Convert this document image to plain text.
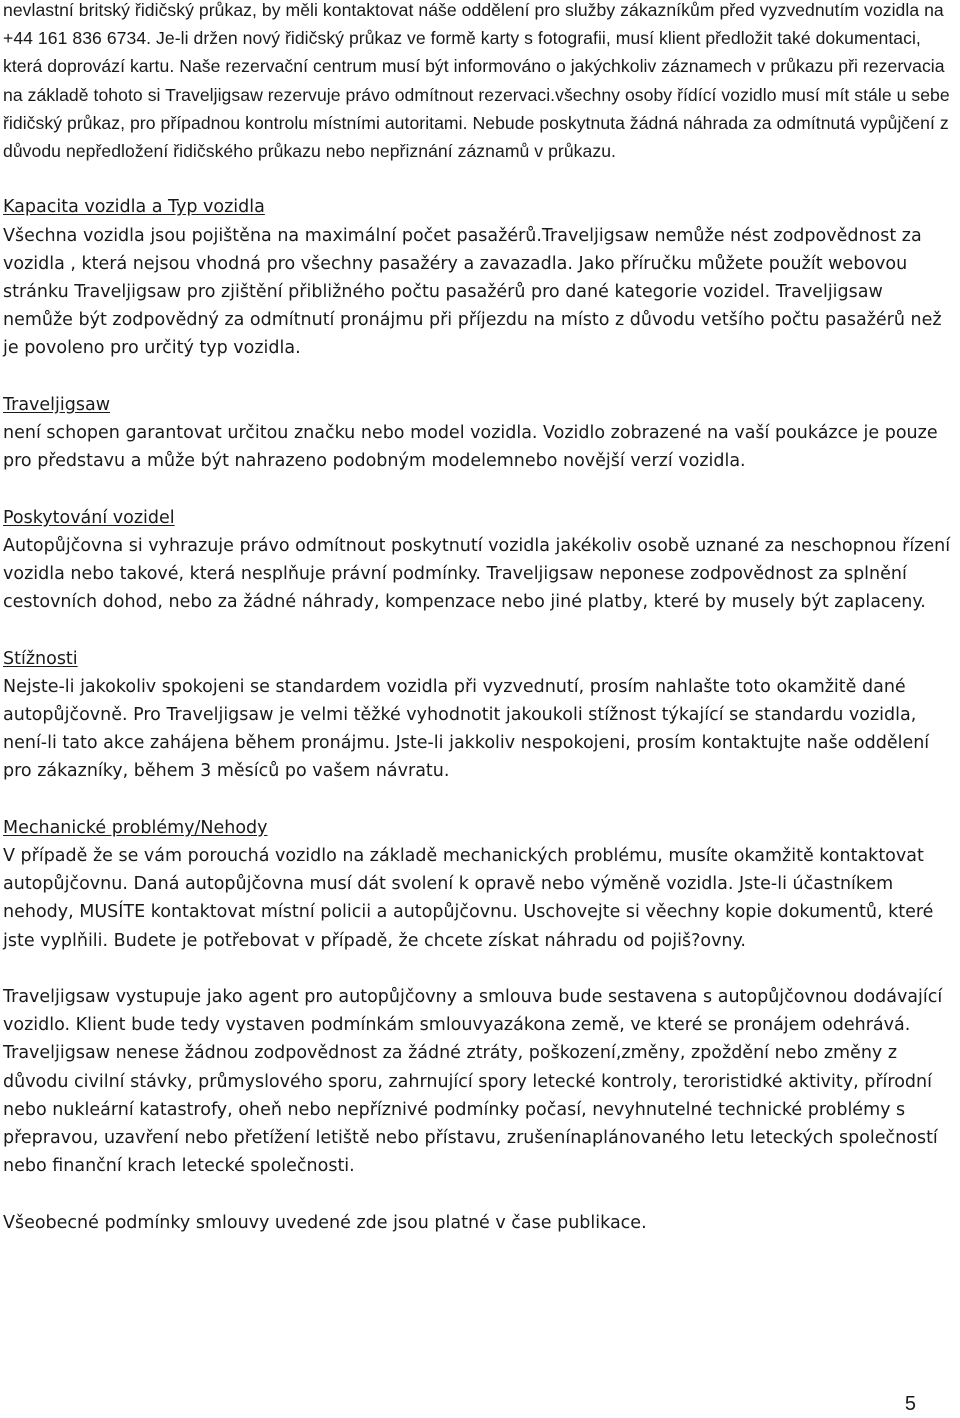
nevlastní britský řidičský průkaz, by měli kontaktovat náše oddělení pro služby zákazníkům před vyzvednutím vozidla na +44 161 836 6734. Je-li držen nový řidičský průkaz ve formě karty s fotografii, musí klient předložit také dokumentaci, která doprovází kartu. Naše rezervační centrum musí být informováno o jakýchkoliv záznamech v průkazu při rezervacia na základě tohoto si Traveljigsaw rezervuje právo odmítnout rezervaci.všechny osoby řídící vozidlo musí mít stále u sebe řidičský průkaz, pro případnou kontrolu místními autoritami. Nebude poskytnuta žádná náhrada za odmítnutá vypůjčení z důvodu nepředložení řidičského průkazu nebo nepřiznání záznamů v průkazu.

Kapacita vozidla a Typ vozidla

Všechna vozidla jsou pojištěna na maximální počet pasažérů.Traveljigsaw nemůže nést zodpovědnost za vozidla , která nejsou vhodná pro všechny pasažéry a zavazadla. Jako příručku můžete použít webovou stránku Traveljigsaw pro zjištění přibližného počtu pasažérů pro dané kategorie vozidel. Traveljigsaw nemůže být zodpovědný za odmítnutí pronájmu při příjezdu na místo z důvodu vetšího počtu pasažérů než je povoleno pro určitý typ vozidla.

Traveljigsaw

není schopen garantovat určitou značku nebo model vozidla. Vozidlo zobrazené na vaší poukázce je pouze pro představu a může být nahrazeno podobným modelemnebo novější verzí vozidla.

Poskytování vozidel

Autopůjčovna si vyhrazuje právo odmítnout poskytnutí vozidla jakékoliv osobě uznané za neschopnou řízení vozidla nebo takové, která nesplňuje právní podmínky. Traveljigsaw neponese zodpovědnost za splnění cestovních dohod, nebo za žádné náhrady, kompenzace nebo jiné platby, které by musely být zaplaceny.

Stížnosti

Nejste-li jakokoliv spokojeni se standardem vozidla při vyzvednutí, prosím nahlašte toto okamžitě dané autopůjčovně. Pro Traveljigsaw je velmi těžké vyhodnotit jakoukoli stížnost týkající se standardu vozidla, není-li tato akce zahájena během pronájmu. Jste-li jakkoliv nespokojeni, prosím kontaktujte naše oddělení pro zákazníky, během 3 měsíců po vašem návratu.

Mechanické problémy/Nehody

V případě že se vám porouchá vozidlo na základě mechanických problému, musíte okamžitě kontaktovat autopůjčovnu. Daná autopůjčovna musí dát svolení k opravě nebo výměně vozidla. Jste-li účastníkem nehody, MUSÍTE kontaktovat místní policii a autopůjčovnu. Uschovejte si věechny kopie dokumentů, které jste vyplňili. Budete je potřebovat v případě, že chcete získat náhradu od pojiš?ovny.

Traveljigsaw vystupuje jako agent pro autopůjčovny a smlouva bude sestavena s autopůjčovnou dodávající vozidlo. Klient bude tedy vystaven podmínkám smlouvyazákona země, ve které se pronájem odehrává. Traveljigsaw nenese žádnou zodpovědnost za žádné ztráty, poškození,změny, zpoždění nebo změny z důvodu civilní stávky, průmyslového sporu, zahrnující spory letecké kontroly, teroristidké aktivity, přírodní nebo nukleární katastrofy, oheň nebo nepříznivé podmínky počasí, nevyhnutelné technické problémy s přepravou, uzavření nebo přetížení letiště nebo přístavu, zrušenínaplánovaného letu leteckých společností nebo finanční krach letecké společnosti.

Všeobecné podmínky smlouvy uvedené zde jsou platné v čase publikace.

5
